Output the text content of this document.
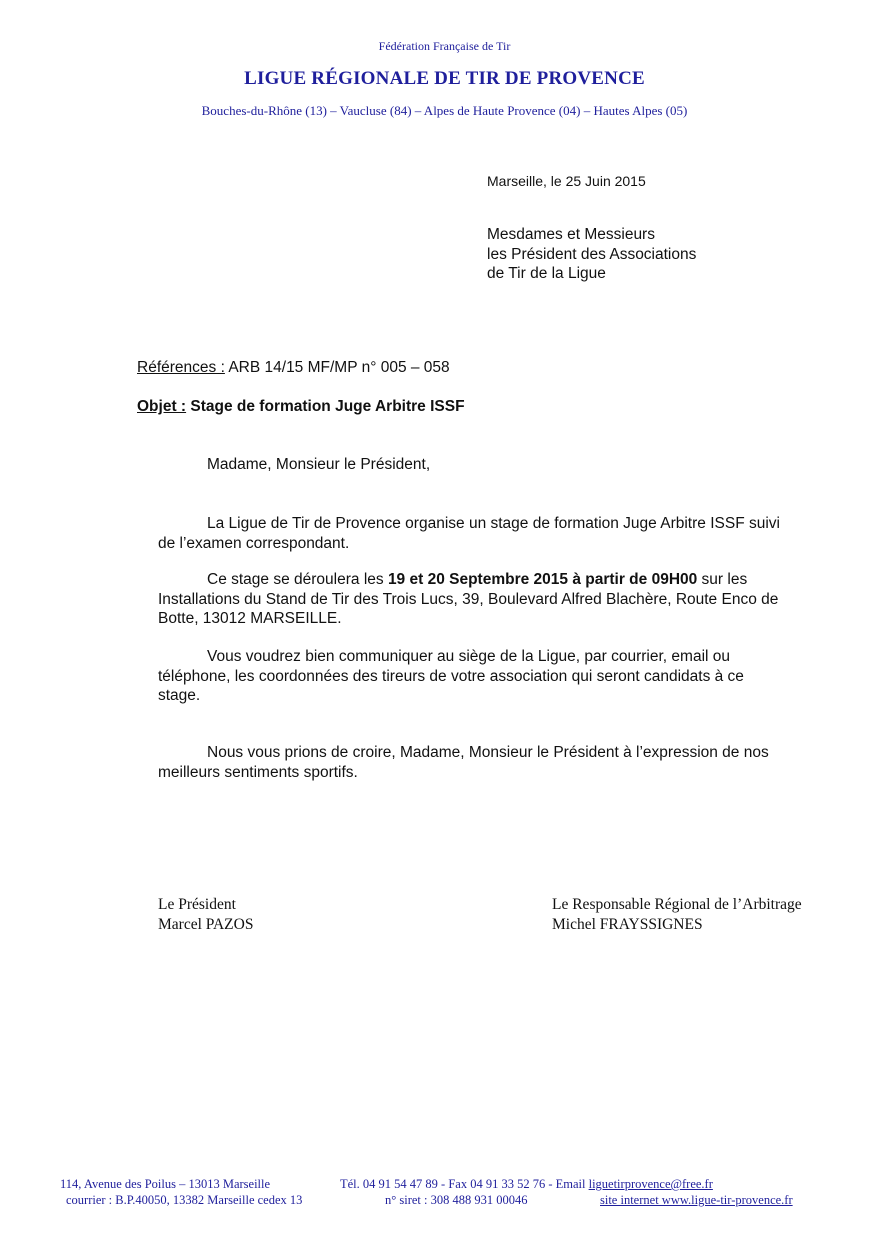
Fédération Française de Tir
LIGUE RÉGIONALE DE TIR DE PROVENCE
Bouches-du-Rhône (13) – Vaucluse (84) – Alpes de Haute Provence (04) – Hautes Alpes (05)
Marseille, le 25 Juin 2015
Mesdames et Messieurs
les Président des Associations
de Tir de la Ligue
Références : ARB 14/15 MF/MP n° 005 – 058
Objet : Stage de formation Juge Arbitre ISSF
Madame, Monsieur le Président,
La Ligue de Tir de Provence organise un stage de formation Juge Arbitre ISSF suivi
de l’examen correspondant.
Ce stage se déroulera les 19 et 20 Septembre 2015 à partir de 09H00 sur les
Installations du Stand de Tir des Trois Lucs, 39, Boulevard Alfred Blachère, Route Enco de
Botte, 13012 MARSEILLE.
Vous voudrez bien communiquer au siège de la Ligue, par courrier, email ou
téléphone, les coordonnées des tireurs de votre association qui seront candidats à ce
stage.
Nous vous prions de croire, Madame, Monsieur le Président à l’expression de nos
meilleurs sentiments sportifs.
Le Président
Marcel PAZOS
Le Responsable Régional de l’Arbitrage
Michel FRAYSSIGNES
114, Avenue des Poilus – 13013 Marseille
courrier : B.P.40050, 13382 Marseille cedex 13
Tél. 04 91 54 47 89 - Fax 04 91 33 52 76 - Email liguetirprovence@free.fr
n° siret : 308 488 931 00046	site internet www.ligue-tir-provence.fr
